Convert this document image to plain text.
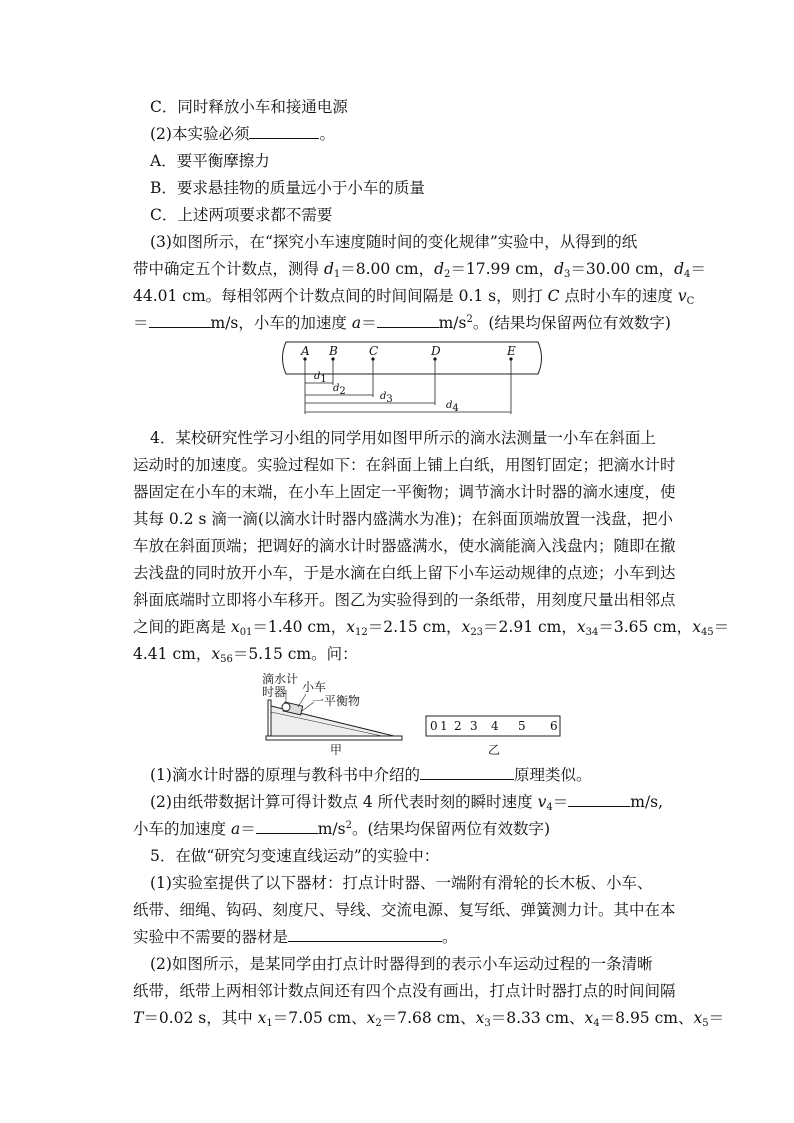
C．同时释放小车和接通电源
(2)本实验必须	。
A．要平衡摩擦力
B．要求悬挂物的质量远小于小车的质量
C．上述两项要求都不需要
(3)如图所示，在“探究小车速度随时间的变化规律”实验中，从得到的纸
带中确定五个计数点，测得 $d_1=8.00$ cm，$d_2=17.99$ cm，$d_3=30.00$ cm，$d_4=$
44.01 cm。每相邻两个计数点间的时间间隔是 0.1 s，则打 C 点时小车的速度 $v_C$
＝	m/s，小车的加速度 a＝	$m/s^2$。(结果均保留两位有效数字)
A B	C	D	E
$d_1$
$d_2$	$d_3$
$d_4$
4．某校研究性学习小组的同学用如图甲所示的滴水法测量一小车在斜面上
运动时的加速度。实验过程如下：在斜面上铺上白纸，用图钉固定；把滴水计时
器固定在小车的末端，在小车上固定一平衡物；调节滴水计时器的滴水速度，使
其每 0.2 s 滴一滴(以滴水计时器内盛满水为准)；在斜面顶端放置一浅盘，把小
车放在斜面顶端；把调好的滴水计时器盛满水，使水滴能滴入浅盘内；随即在撤
去浅盘的同时放开小车，于是水滴在白纸上留下小车运动规律的点迹；小车到达
斜面底端时立即将小车移开。图乙为实验得到的一条纸带，用刻度尺量出相邻点
之间的距离是 $x_{01}=1.40$ cm，$x_{12}=2.15$ cm，$x_{23}=2.91$ cm，$x_{34}=3.65$ cm，$x_{45}=$
4.41 cm，$x_{56}=5.15$ cm。问：
滴水计
时器 小车
一平衡物
甲	乙
0 1 2 3 4 5 6
(1)滴水计时器的原理与教科书中介绍的	原理类似。
(2)由纸带数据计算可得计数点 4 所代表时刻的瞬时速度 $v_4=$	m/s,
小车的加速度 a＝	$m/s^2$。(结果均保留两位有效数字)
5．在做“研究匀变速直线运动”的实验中：
(1)实验室提供了以下器材：打点计时器、一端附有滑轮的长木板、小车、
纸带、细绳、钩码、刻度尺、导线、交流电源、复写纸、弹簧测力计。其中在本
实验中不需要的器材是	。
(2)如图所示，是某同学由打点计时器得到的表示小车运动过程的一条清晰
纸带，纸带上两相邻计数点间还有四个点没有画出，打点计时器打点的时间间隔
T＝0.02 s，其中 $x_1=7.05$ cm、$x_2=7.68$ cm、$x_3=8.33$ cm、$x_4=8.95$ cm、$x_5=$
